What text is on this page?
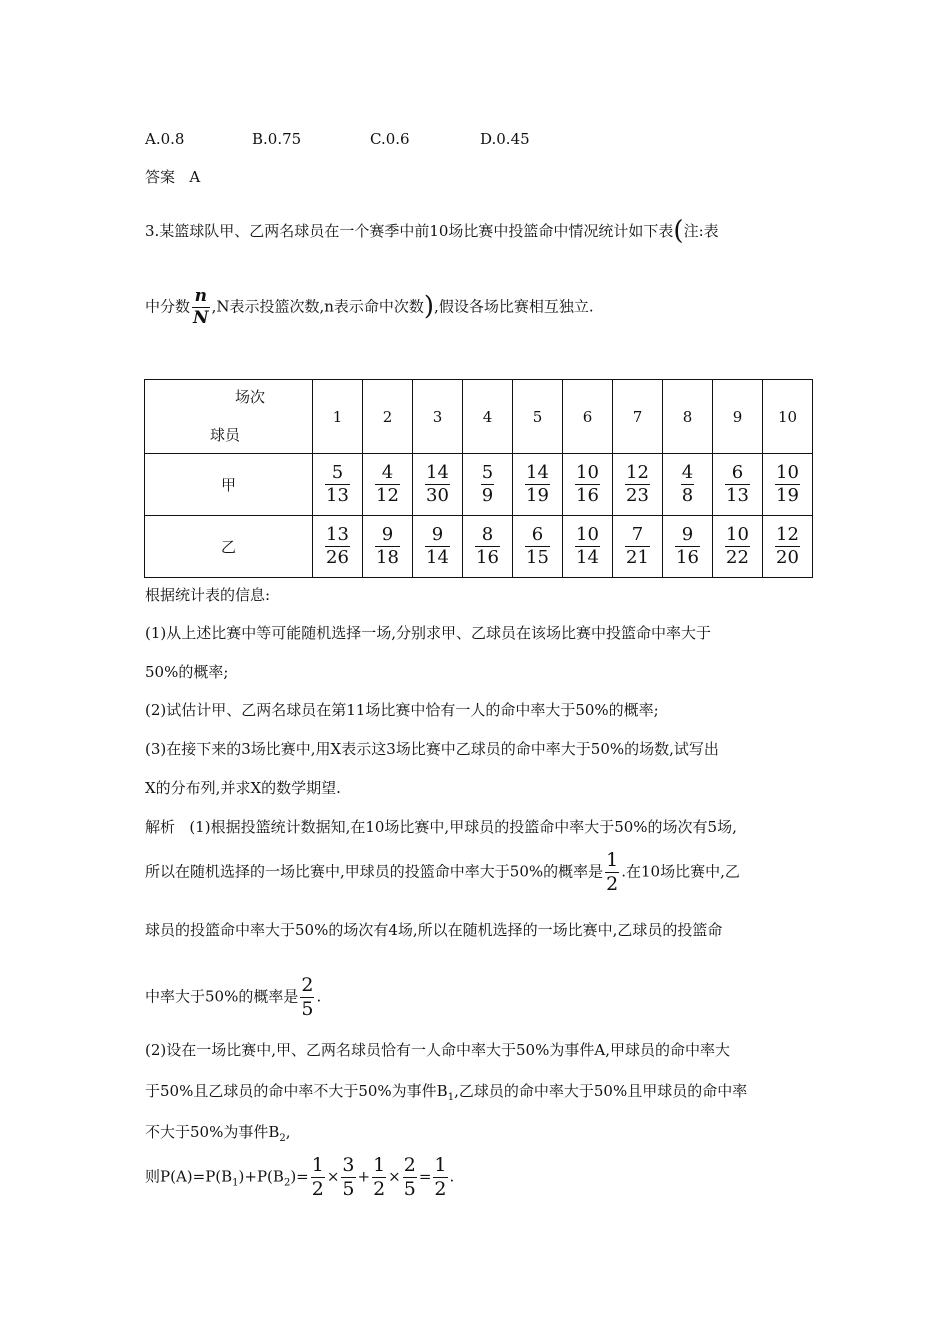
A.0.8	B.0.75	C.0.6	D.0.45
答案 A
3.某篮球队甲、乙两名球员在一个赛季中前10场比赛中投篮命中情况统计如下表(注:表
中分数 $\frac{n}{N} ,N$表示投篮次数,n表示命中次数),假设各场比赛相互独立.
场次
球员	1	2	3	4	5	6	7	8	9	10
甲	$\frac{5}{13}$	$\frac{4}{12}$	$\frac{14}{30}$	$\frac{5}{9}$	$\frac{14}{19}$	$\frac{10}{16}$	$\frac{12}{23}$	$\frac{4}{8}$	$\frac{6}{13}$	$\frac{10}{19}$

乙	$\frac{13}{26}$	$\frac{9}{18}$	$\frac{9}{14}$	$\frac{8}{16}$	$\frac{6}{15}$	$\frac{10}{14}$	$\frac{7}{21}$	$\frac{9}{16}$	$\frac{10}{22}$	$\frac{12}{20}$
根据统计表的信息:
(1)从上述比赛中等可能随机选择一场,分别求甲、乙球员在该场比赛中投篮命中率大于
50%的概率;
(2)试估计甲、乙两名球员在第11场比赛中恰有一人的命中率大于50%的概率;
(3)在接下来的3场比赛中,用X表示这3场比赛中乙球员的命中率大于50%的场数,试写出
X的分布列,并求X的数学期望.
解析 (1)根据投篮统计数据知,在10场比赛中,甲球员的投篮命中率大于50%的场次有5场,
所以在随机选择的一场比赛中,甲球员的投篮命中率大于50%的概率是 $\frac{1}{2}$ .在10场比赛中,乙
球员的投篮命中率大于50%的场次有4场,所以在随机选择的一场比赛中,乙球员的投篮命
中率大于50%的概率是 $\frac{2}{5}$ .
(2)设在一场比赛中,甲、乙两名球员恰有一人命中率大于50%为事件A,甲球员的命中率大
于50%且乙球员的命中率不大于50%为事件$B_1$,乙球员的命中率大于50%且甲球员的命中率
不大于50%为事件$B_2$,
则$P(A)=P(B_1)+P(B_2)= \frac{1}{2} \times \frac{3}{5} + \frac{1}{2} \times \frac{2}{5} = \frac{1}{2}$ .
